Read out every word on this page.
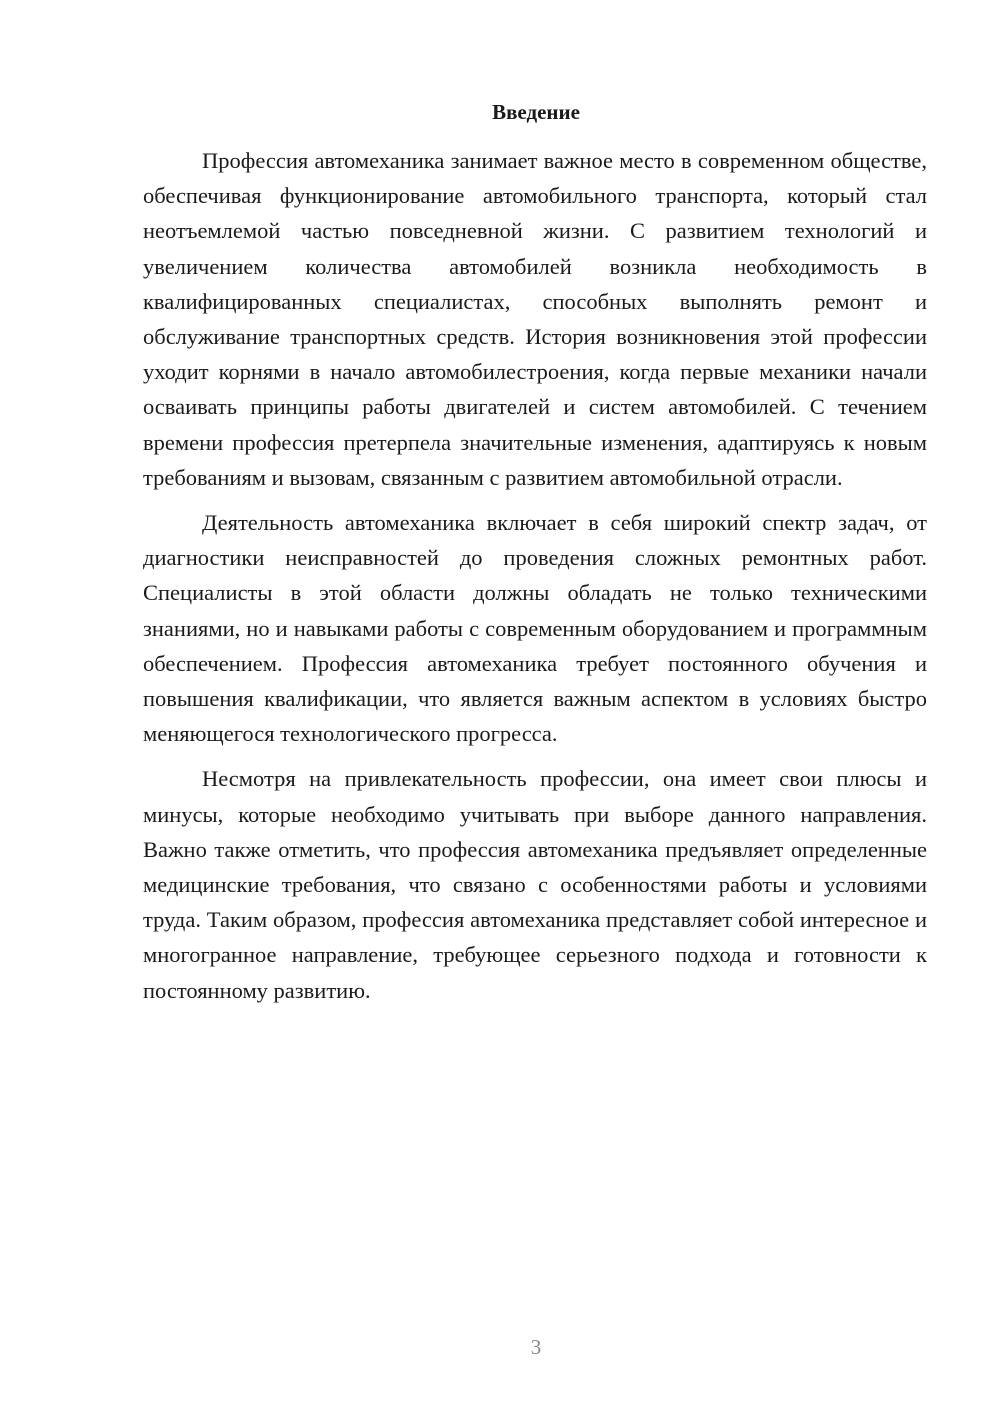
Введение

Профессия автомеханика занимает важное место в современном обществе, обеспечивая функционирование автомобильного транспорта, который стал неотъемлемой частью повседневной жизни. С развитием технологий и увеличением количества автомобилей возникла необходимость в квалифицированных специалистах, способных выполнять ремонт и обслуживание транспортных средств. История возникновения этой профессии уходит корнями в начало автомобилестроения, когда первые механики начали осваивать принципы работы двигателей и систем автомобилей. С течением времени профессия претерпела значительные изменения, адаптируясь к новым требованиям и вызовам, связанным с развитием автомобильной отрасли.

Деятельность автомеханика включает в себя широкий спектр задач, от диагностики неисправностей до проведения сложных ремонтных работ. Специалисты в этой области должны обладать не только техническими знаниями, но и навыками работы с современным оборудованием и программным обеспечением. Профессия автомеханика требует постоянного обучения и повышения квалификации, что является важным аспектом в условиях быстро меняющегося технологического прогресса.

Несмотря на привлекательность профессии, она имеет свои плюсы и минусы, которые необходимо учитывать при выборе данного направления. Важно также отметить, что профессия автомеханика предъявляет определенные медицинские требования, что связано с особенностями работы и условиями труда. Таким образом, профессия автомеханика представляет собой интересное и многогранное направление, требующее серьезного подхода и готовности к постоянному развитию.

3
